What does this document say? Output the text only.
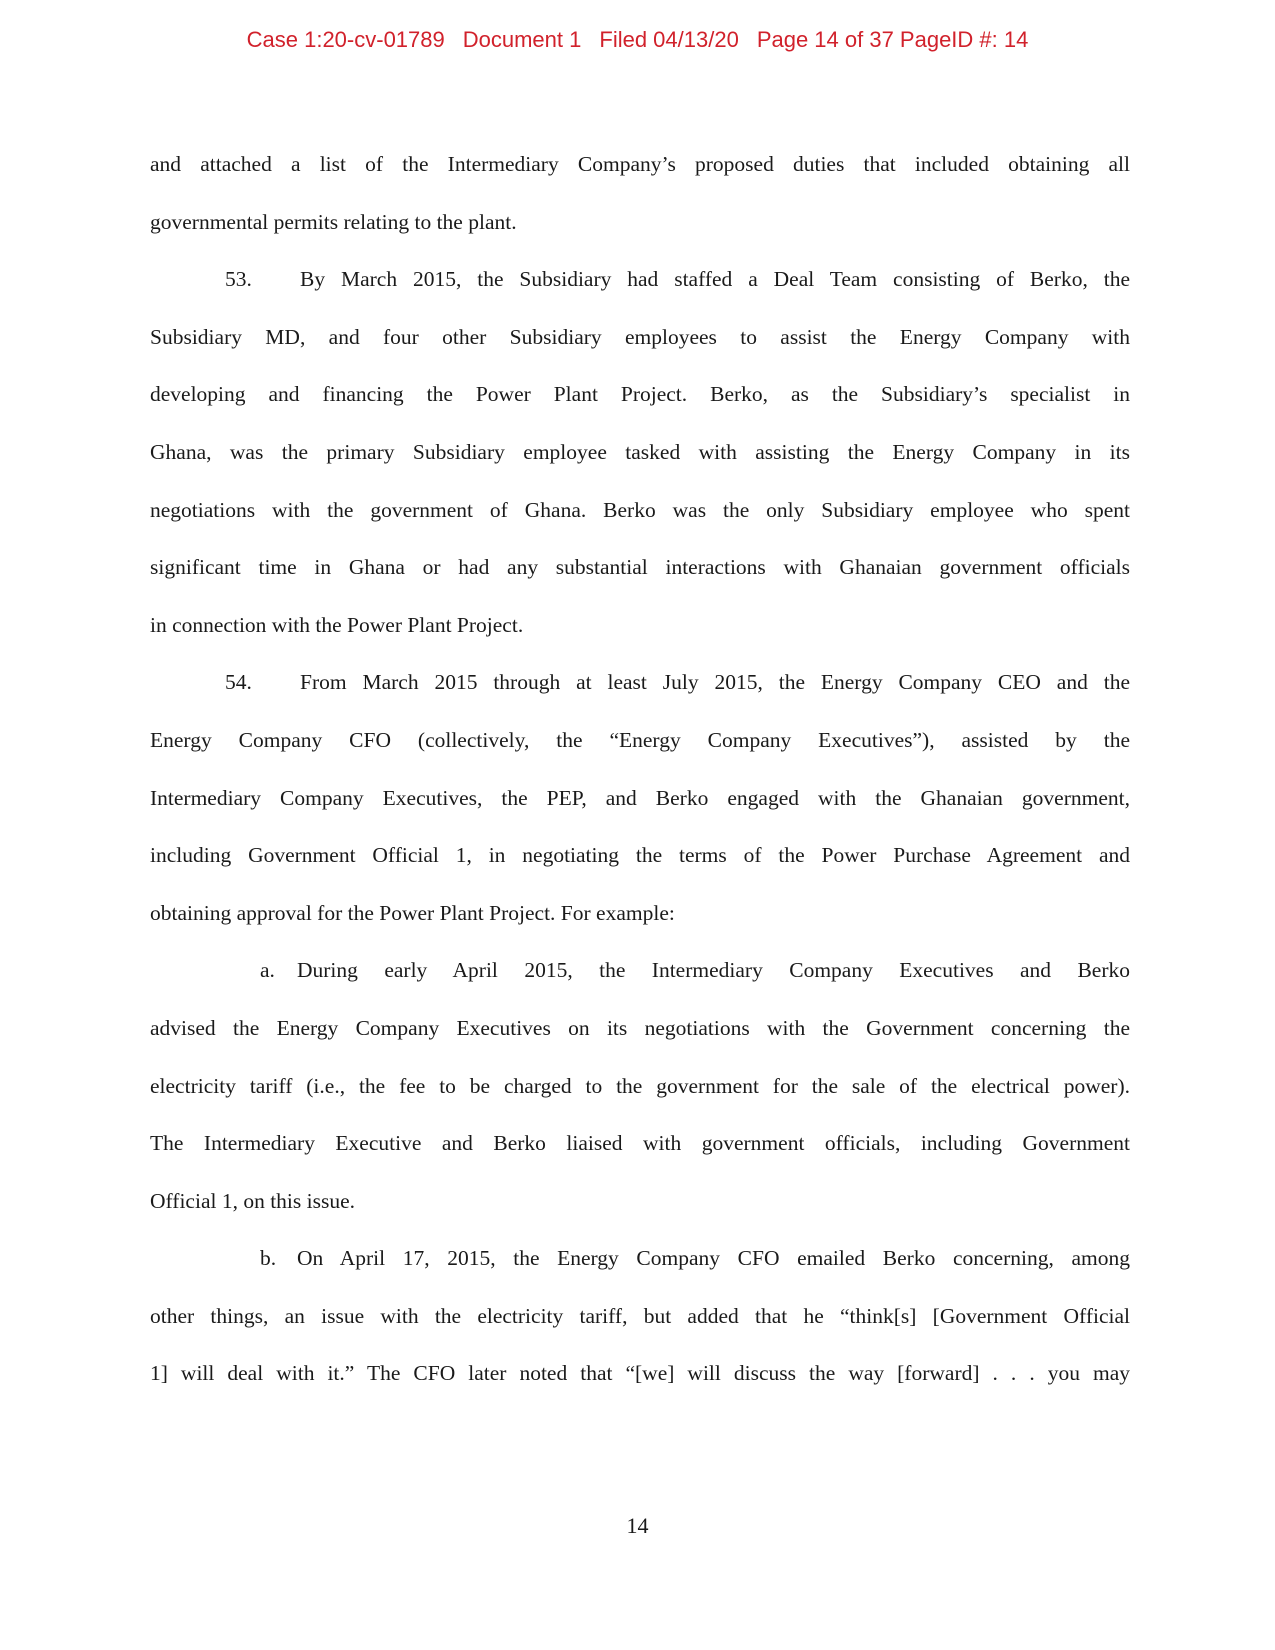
Case 1:20-cv-01789 Document 1 Filed 04/13/20 Page 14 of 37 PageID #: 14
and attached a list of the Intermediary Company’s proposed duties that included obtaining all
governmental permits relating to the plant.
53. By March 2015, the Subsidiary had staffed a Deal Team consisting of Berko, the
Subsidiary MD, and four other Subsidiary employees to assist the Energy Company with
developing and financing the Power Plant Project. Berko, as the Subsidiary’s specialist in
Ghana, was the primary Subsidiary employee tasked with assisting the Energy Company in its
negotiations with the government of Ghana. Berko was the only Subsidiary employee who spent
significant time in Ghana or had any substantial interactions with Ghanaian government officials
in connection with the Power Plant Project.
54. From March 2015 through at least July 2015, the Energy Company CEO and the
Energy Company CFO (collectively, the “Energy Company Executives”), assisted by the
Intermediary Company Executives, the PEP, and Berko engaged with the Ghanaian government,
including Government Official 1, in negotiating the terms of the Power Purchase Agreement and
obtaining approval for the Power Plant Project. For example:
a. During early April 2015, the Intermediary Company Executives and Berko
advised the Energy Company Executives on its negotiations with the Government concerning the
electricity tariff (i.e., the fee to be charged to the government for the sale of the electrical power).
The Intermediary Executive and Berko liaised with government officials, including Government
Official 1, on this issue.
b. On April 17, 2015, the Energy Company CFO emailed Berko concerning, among
other things, an issue with the electricity tariff, but added that he “think[s] [Government Official
1] will deal with it.” The CFO later noted that “[we] will discuss the way [forward] . . . you may
14
